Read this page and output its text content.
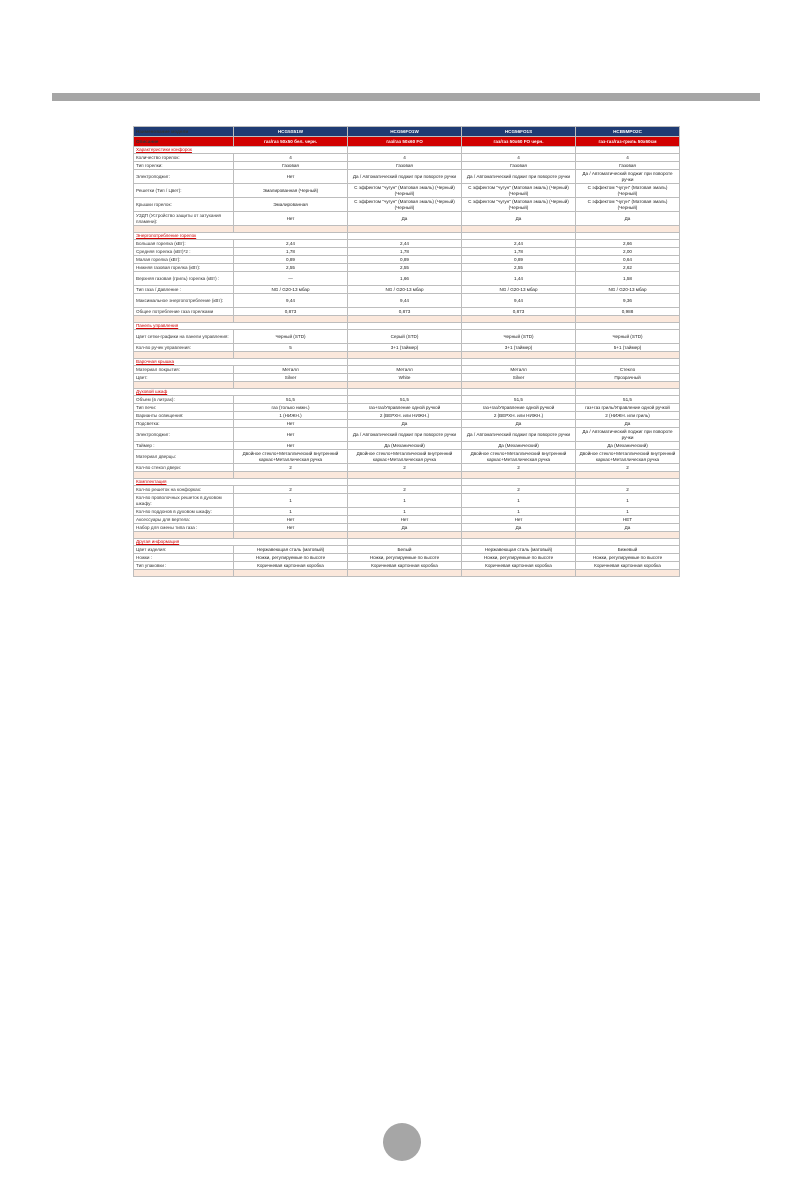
Наименование модели	HCG5S51W	HCG56FO1W	HCG56FO1S	HCB5MPO2C
Описание	газ/газ 50х50 бел. черн.	газ/газ 50х60 FO	газ/газ 50х60 FO черн.	газ-газ/газ-гриль 50x60см
Характеристики конфорок				
Количество горелок:	4	4	4	4
Тип горелки:	Газовая	Газовая	Газовая	Газовая
Электроподжиг:	Нет	Да / Автоматический поджиг при повороте ручки	Да / Автоматический поджиг при повороте ручки	Да / Автоматический поджиг при повороте ручки
Решетки (Тип / Цвет):	Эмалированная (Черный)	С эффектом "чугун" (Матовая эмаль) (Черный) (Черный)	С эффектом "чугун" (Матовая эмаль) (Черный) (Черный)	С эффектом "чугун" (Матовая эмаль) (Черный)
Крышки горелок:	Эмалированная	С эффектом "чугун" (Матовая эмаль) (Черный) (Черный)	С эффектом "чугун" (Матовая эмаль) (Черный) (Черный)	С эффектом "чугун" (Матовая эмаль) (Черный)
УЗДП (Устройство защиты от затухания пламени):	Нет	Да	Да	Да

Энергопотребление горелок				
Большая горелка (кВт):	2,44	2,44	2,44	2,66
Средняя горелка (кВт)*2 :	1,78	1,78	1,78	2,00
Малая горелка (кВт):	0,89	0,89	0,89	0,64
Нижняя газовая горелка (кВт):	2,55	2,55	2,55	2,62
Верхняя газовая (гриль) горелка (кВт) :	—	1,66	1,44	1,58
Тип газа / Давление :	NG / G20-13 мбар	NG / G20-13 мбар	NG / G20-13 мбар	NG / G20-13 мбар
Максимальное энергопотребление (кВт):	9,44	9,44	9,44	9,36
Общее потребление газа горелками	0,873	0,873	0,873	0,988

Панель управления				
Цвет сетки-графики на панели управления:	Черный (STD)	Серый (STD)	Черный (STD)	Черный (STD)
Кол-во ручек управления:	5	3+1 (таймер)	3+1 (таймер)	5+1 (таймер)

Варочная крышка				
Материал покрытия:	Металл	Металл	Металл	Стекло
Цвет:	Silver	White	Silver	Прозрачный

Духовой шкаф				
Объем (в литрах):	51,5	51,5	51,5	51,5
Тип печи:	газ (только нижн.)	газ+газ/Управление одной ручкой	газ+газ/Управление одной ручкой	газ+газ гриль/Управление одной ручкой
Варианты освещения:	1 (НИЖН.)	2 (ВЕРХН. или НИЖН.)	2 (ВЕРХН. или НИЖН.)	2 (НИЖН. или гриль)
Подсветка:	Нет	Да	Да	Да
Электроподжиг:	Нет	Да / Автоматический поджиг при повороте ручки	Да / Автоматический поджиг при повороте ручки	Да / Автоматический поджиг при повороте ручки
Таймер :	Нет	Да (Механический)	Да (Механический)	Да (Механический)
Материал дверцы:	Двойное стекло+Металлический внутренний каркас+Металлическая ручка	Двойное стекло+Металлический внутренний каркас+Металлическая ручка	Двойное стекло+Металлический внутренний каркас+Металлическая ручка	Двойное стекло+Металлический внутренний каркас+Металлическая ручка
Кол-во стекол двери:	2	2	2	2

Комплектация				
Кол-во решеток на конфорках:	2	2	2	2
Кол-во проволочных решеток в духовом шкафу:	1	1	1	1
Кол-во поддонов в духовом шкафу:	1	1	1	1
Аксессуары для вертела:	Нет	Нет	Нет	НЕТ
Набор для смены типа газа :	Нет	Да	Да	Да

Другая информация				
Цвет изделия:	Нержавеющая сталь (матовый)	Белый	Нержавеющая сталь (матовый)	Бежевый
Ножки :	Ножки, регулируемые по высоте	Ножки, регулируемые по высоте	Ножки, регулируемые по высоте	Ножки, регулируемые по высоте
Тип упаковки :	Коричневая картонная коробка	Коричневая картонная коробка	Коричневая картонная коробка	Коричневая картонная коробка
